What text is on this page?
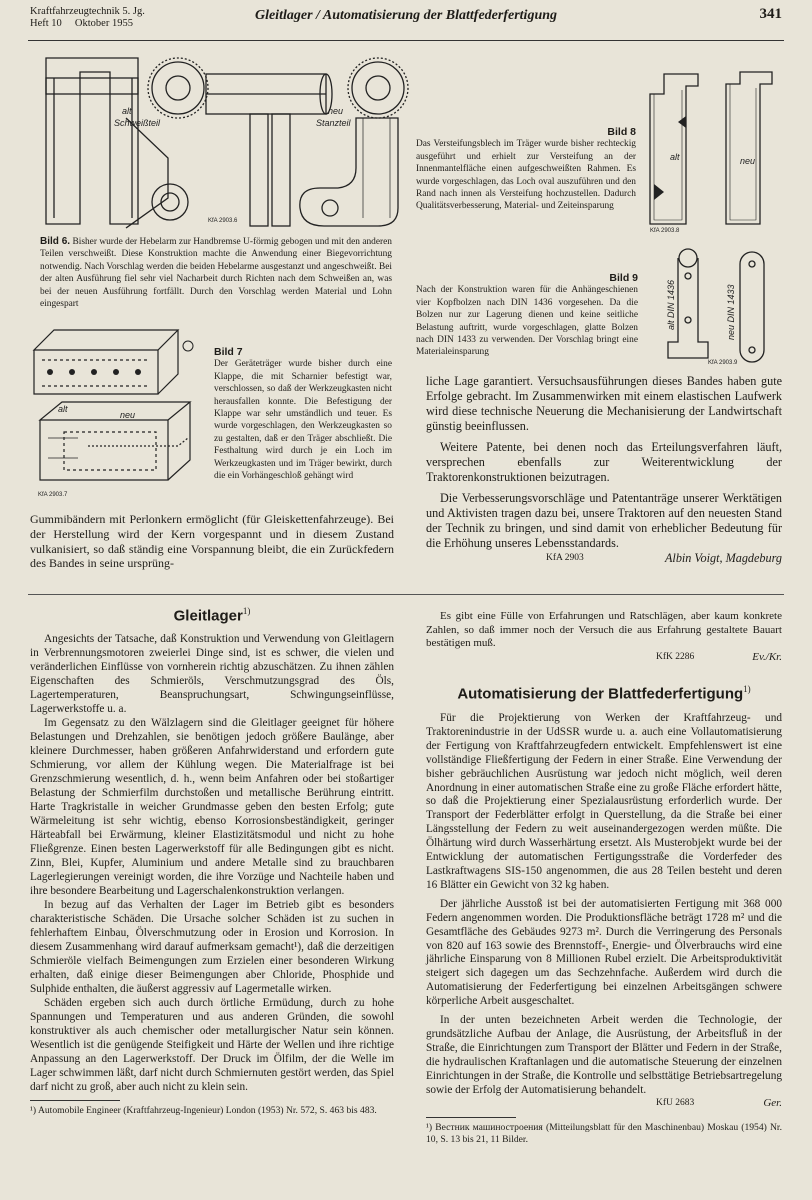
Kraftfahrzeugtechnik 5. Jg.
Heft 10     Oktober 1955
Gleitlager / Automatisierung der Blattfederfertigung	341
alt
Schweißteil
neu
Stanzteil
KfA 2903.6
Bild 6. Bisher wurde der Hebelarm zur Handbremse U-förmig gebogen und mit den anderen Teilen verschweißt. Diese Konstruktion machte die Anwendung einer Biegevorrichtung notwendig. Nach Vorschlag werden die beiden Hebelarme ausgestanzt und angeschweißt. Bei der alten Ausführung fiel sehr viel Nacharbeit durch Richten nach dem Schweißen an, was bei der neuen Ausführung fortfällt. Durch den Vorschlag werden Material und Lohn eingespart
alt
neu
KfA 2903.7
Bild 7
Der Geräteträger wurde bisher durch eine Klappe, die mit Scharnier befestigt war, verschlossen, so daß der Werkzeugkasten nicht herausfallen konnte. Die Befestigung der Klappe war sehr umständlich und teuer. Es wurde vorgeschlagen, den Werkzeugkasten so zu gestalten, daß er den Träger abschließt. Die Festhaltung wird durch je ein Loch im Werkzeugkasten und im Träger bewirkt, durch die ein Vorhängeschloß gehängt wird
alt	neu
KfA 2903.8
Bild 8
Das Versteifungsblech im Träger wurde bisher rechteckig ausgeführt und erhielt zur Versteifung an der Innenmantelfläche einen aufgeschweißten Rahmen. Es wurde vorgeschlagen, das Loch oval auszuführen und den Rand nach innen als Versteifung hochzustellen. Dadurch Qualitätsverbesserung, Material- und Zeiteinsparung
alt DIN 1436	neu DIN 1433
KfA 2903.9
Bild 9
Nach der Konstruktion waren für die Anhängeschienen vier Kopfbolzen nach DIN 1436 vorgesehen. Da die Bolzen nur zur Lagerung dienen und keine seitliche Belastung auftritt, wurde vorgeschlagen, glatte Bolzen nach DIN 1433 zu verwenden. Der Vorschlag bringt eine Materialeinsparung

Gummibändern mit Perlonkern ermöglicht (für Gleiskettenfahrzeuge). Bei der Herstellung wird der Kern vorgespannt und in diesem Zustand vulkanisiert, so daß ständig eine Vorspannung bleibt, die ein Zurückfedern des Bandes in seine ursprüng-

liche Lage garantiert. Versuchsausführungen dieses Bandes haben gute Erfolge gebracht. Im Zusammenwirken mit einem elastischen Laufwerk wird diese technische Neuerung die Mechanisierung der Landwirtschaft günstig beeinflussen.

Weitere Patente, bei denen noch das Erteilungsverfahren läuft, versprechen ebenfalls zur Weiterentwicklung der Traktorenkonstruktionen beizutragen.

Die Verbesserungsvorschläge und Patentanträge unserer Werktätigen und Aktivisten tragen dazu bei, unsere Traktoren auf den neuesten Stand der Technik zu bringen, und sind damit von erheblicher Bedeutung für die Erhöhung unseres Lebensstandards.

KfA 2903	Albin Voigt, Magdeburg
Gleitlager$^{1)}$

Angesichts der Tatsache, daß Konstruktion und Verwendung von Gleitlagern in Verbrennungsmotoren zweierlei Dinge sind, ist es schwer, die vielen und veränderlichen Einflüsse von vornherein richtig abzuschätzen. Zu ihnen zählen Eigenschaften des Schmieröls, Verschmutzungsgrad des Öls, Lagertemperaturen, Beanspruchungsart, Schwingungseinflüsse, Lagerwerkstoffe u. a.

Im Gegensatz zu den Wälzlagern sind die Gleitlager geeignet für höhere Belastungen und Drehzahlen, sie benötigen jedoch größere Baulänge, aber kleinere Durchmesser, haben größeren Anfahrwiderstand und erfordern gute Schmierung, vor allem der Kühlung wegen. Die Materialfrage ist bei Grenzschmierung wesentlich, d. h., wenn beim Anfahren oder bei stoßartiger Belastung der Schmierfilm durchstoßen und metallische Berührung eintritt. Harte Tragkristalle in weicher Grundmasse geben den besten Erfolg; gute Wärmeleitung ist sehr wichtig, ebenso Korrosionsbeständigkeit, geringer Härteabfall bei Erwärmung, kleiner Elastizitätsmodul und nicht zu hohe Fließgrenze. Einen besten Lagerwerkstoff für alle Bedingungen gibt es nicht. Zinn, Blei, Kupfer, Aluminium und andere Metalle sind zu brauchbaren Lagerlegierungen vereinigt worden, die ihre Vorzüge und Nachteile haben und ihre besondere Bearbeitung und Lagerschalenkonstruktion verlangen.

In bezug auf das Verhalten der Lager im Betrieb gibt es besonders charakteristische Schäden. Die Ursache solcher Schäden ist zu suchen in fehlerhaftem Einbau, Ölverschmutzung oder in Erosion und Korrosion. In diesem Zusammenhang wird darauf aufmerksam gemacht¹), daß die derzeitigen Schmieröle vielfach Beimengungen zum Erzielen einer besonderen Wirkung erhalten, daß einige dieser Beimengungen aber Chloride, Phosphide und Sulphide enthalten, die äußerst aggressiv auf Lagermetalle wirken.

Schäden ergeben sich auch durch örtliche Ermüdung, durch zu hohe Spannungen und Temperaturen und aus anderen Gründen, die sowohl konstruktiver als auch chemischer oder metallurgischer Natur sein können. Wesentlich ist die genügende Steifigkeit und Härte der Wellen und ihre richtige Anpassung an den Lagerwerkstoff. Der Druck im Ölfilm, der die Welle im Lager schwimmen läßt, darf nicht durch Schmiernuten gestört werden, das Spiel darf nicht zu groß, aber auch nicht zu klein sein.

¹) Automobile Engineer (Kraftfahrzeug-Ingenieur) London (1953) Nr. 572, S. 463 bis 483.

Es gibt eine Fülle von Erfahrungen und Ratschlägen, aber kaum konkrete Zahlen, so daß immer noch der Versuch die aus Erfahrung gestaltete Bauart bestätigen muß.

KfK 2286	Ev./Kr.
Automatisierung der Blattfederfertigung$^{1)}$

Für die Projektierung von Werken der Kraftfahrzeug- und Traktorenindustrie in der UdSSR wurde u. a. auch eine Vollautomatisierung der Fertigung von Kraftfahrzeugfedern entwickelt. Empfehlenswert ist eine vollständige Fließfertigung der Federn in einer Straße. Eine Verwendung der bisher gebräuchlichen Ausrüstung war jedoch nicht möglich, weil deren Anordnung in einer automatischen Straße eine zu große Fläche erfordert hätte, so daß die Projektierung einer Spezialausrüstung erforderlich wurde. Der Transport der Federblätter erfolgt in Querstellung, da die Straße bei einer Längsstellung der Federn zu weit auseinandergezogen werden müßte. Die Ölhärtung wird durch Wasserhärtung ersetzt. Als Musterobjekt wurde bei der Entwicklung der automatischen Fertigungsstraße die Vorderfeder des Lastkraftwagens SIS-150 angenommen, die aus 28 Teilen besteht und deren 16 Blätter ein Gewicht von 32 kg haben.

Der jährliche Ausstoß ist bei der automatisierten Fertigung mit 368 000 Federn angenommen worden. Die Produktionsfläche beträgt 1728 m² und die Gesamtfläche des Gebäudes 9273 m². Durch die Verringerung des Personals von 820 auf 163 sowie des Brennstoff-, Energie- und Ölverbrauchs wird eine jährliche Einsparung von 8 Millionen Rubel erzielt. Die Arbeitsproduktivität steigert sich dagegen um das Sechzehnfache. Außerdem wird durch die Automatisierung der Federfertigung bei einzelnen Arbeitsgängen schwere körperliche Arbeit ausgeschaltet.

In der unten bezeichneten Arbeit werden die Technologie, der grundsätzliche Aufbau der Anlage, die Ausrüstung, der Arbeitsfluß in der Straße, die Einrichtungen zum Transport der Blätter und Federn in der Straße, die hydraulischen Kraftanlagen und die automatische Steuerung der einzelnen Einrichtungen in der Straße, die Kontrolle und selbsttätige Betriebsartregelung sowie der Erfolg der Automatisierung behandelt.

KfU 2683	Ger.
¹) Вестник машиностроения (Mitteilungsblatt für den Maschinenbau) Moskau (1954) Nr. 10, S. 13 bis 21, 11 Bilder.
